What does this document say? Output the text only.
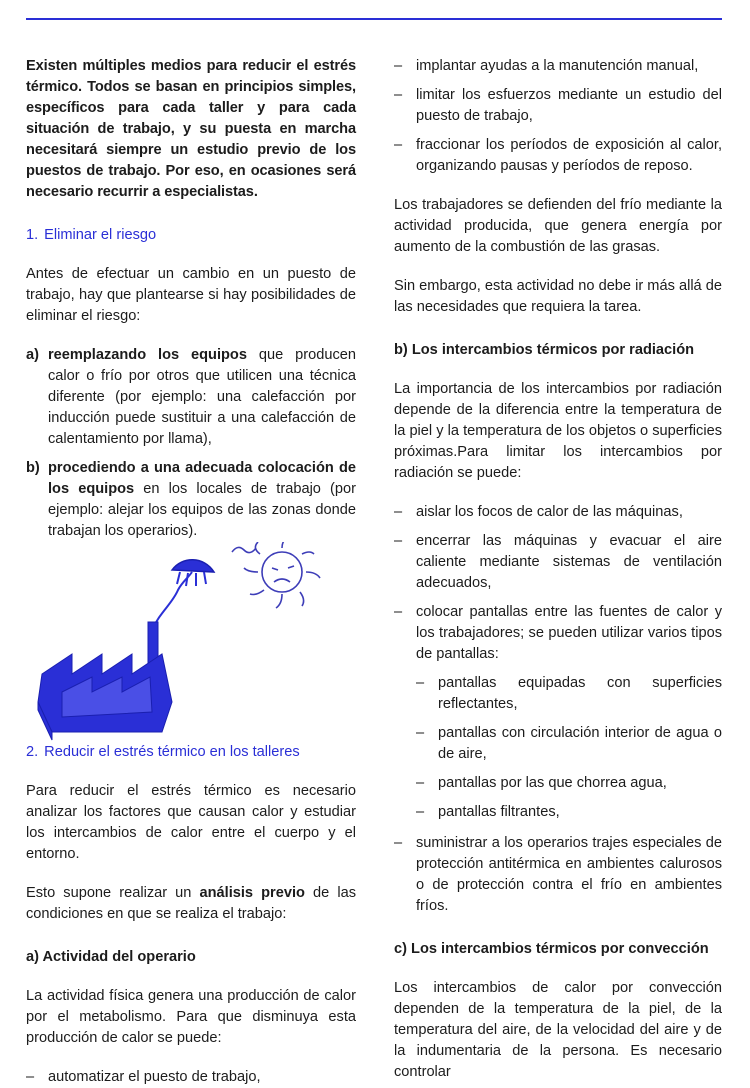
Existen múltiples medios para reducir el estrés térmico. Todos se basan en principios simples, específicos para cada taller y para cada situación de trabajo, y su puesta en marcha necesitará siempre un estudio previo de los puestos de trabajo. Por eso, en ocasiones será necesario recurrir a especialistas.

1. Eliminar el riesgo

Antes de efectuar un cambio en un puesto de trabajo, hay que plantearse si hay posibilidades de eliminar el riesgo:

a) reemplazando los equipos que producen calor o frío por otros que utilicen una técnica diferente (por ejemplo: una calefacción por inducción puede sustituir a una calefacción de calentamiento por llama),
b) procediendo a una adecuada colocación de los equipos en los locales de trabajo (por ejemplo: alejar los equipos de las zonas donde trabajan los operarios).
2. Reducir el estrés térmico en los talleres

Para reducir el estrés térmico es necesario analizar los factores que causan calor y estudiar los intercambios de calor entre el cuerpo y el entorno.

Esto supone realizar un análisis previo de las condiciones en que se realiza el trabajo:

a) Actividad del operario

La actividad física genera una producción de calor por el metabolismo. Para que disminuya esta producción de calor se puede:

– automatizar el puesto de trabajo,
– implantar ayudas a la manutención manual,
– limitar los esfuerzos mediante un estudio del puesto de trabajo,
– fraccionar los períodos de exposición al calor, organizando pausas y períodos de reposo.

Los trabajadores se defienden del frío mediante la actividad producida, que genera energía por aumento de la combustión de las grasas.

Sin embargo, esta actividad no debe ir más allá de las necesidades que requiera la tarea.

b) Los intercambios térmicos por radiación

La importancia de los intercambios por radiación depende de la diferencia entre la temperatura de la piel y la temperatura de los objetos o superficies próximas.Para limitar los intercambios por radiación se puede:

– aislar los focos de calor de las máquinas,
– encerrar las máquinas y evacuar el aire caliente mediante sistemas de ventilación adecuados,
– colocar pantallas entre las fuentes de calor y los trabajadores; se pueden utilizar varios tipos de pantallas:
– pantallas equipadas con superficies reflectantes,
– pantallas con circulación interior de agua o de aire,
– pantallas por las que chorrea agua,
– pantallas filtrantes,
– suministrar a los operarios trajes especiales de protección antitérmica en ambientes calurosos o de protección contra el frío en ambientes fríos.
c) Los intercambios térmicos por convección

Los intercambios de calor por convección dependen de la temperatura de la piel, de la temperatura del aire, de la velocidad del aire y de la indumentaria de la persona. Es necesario controlar
